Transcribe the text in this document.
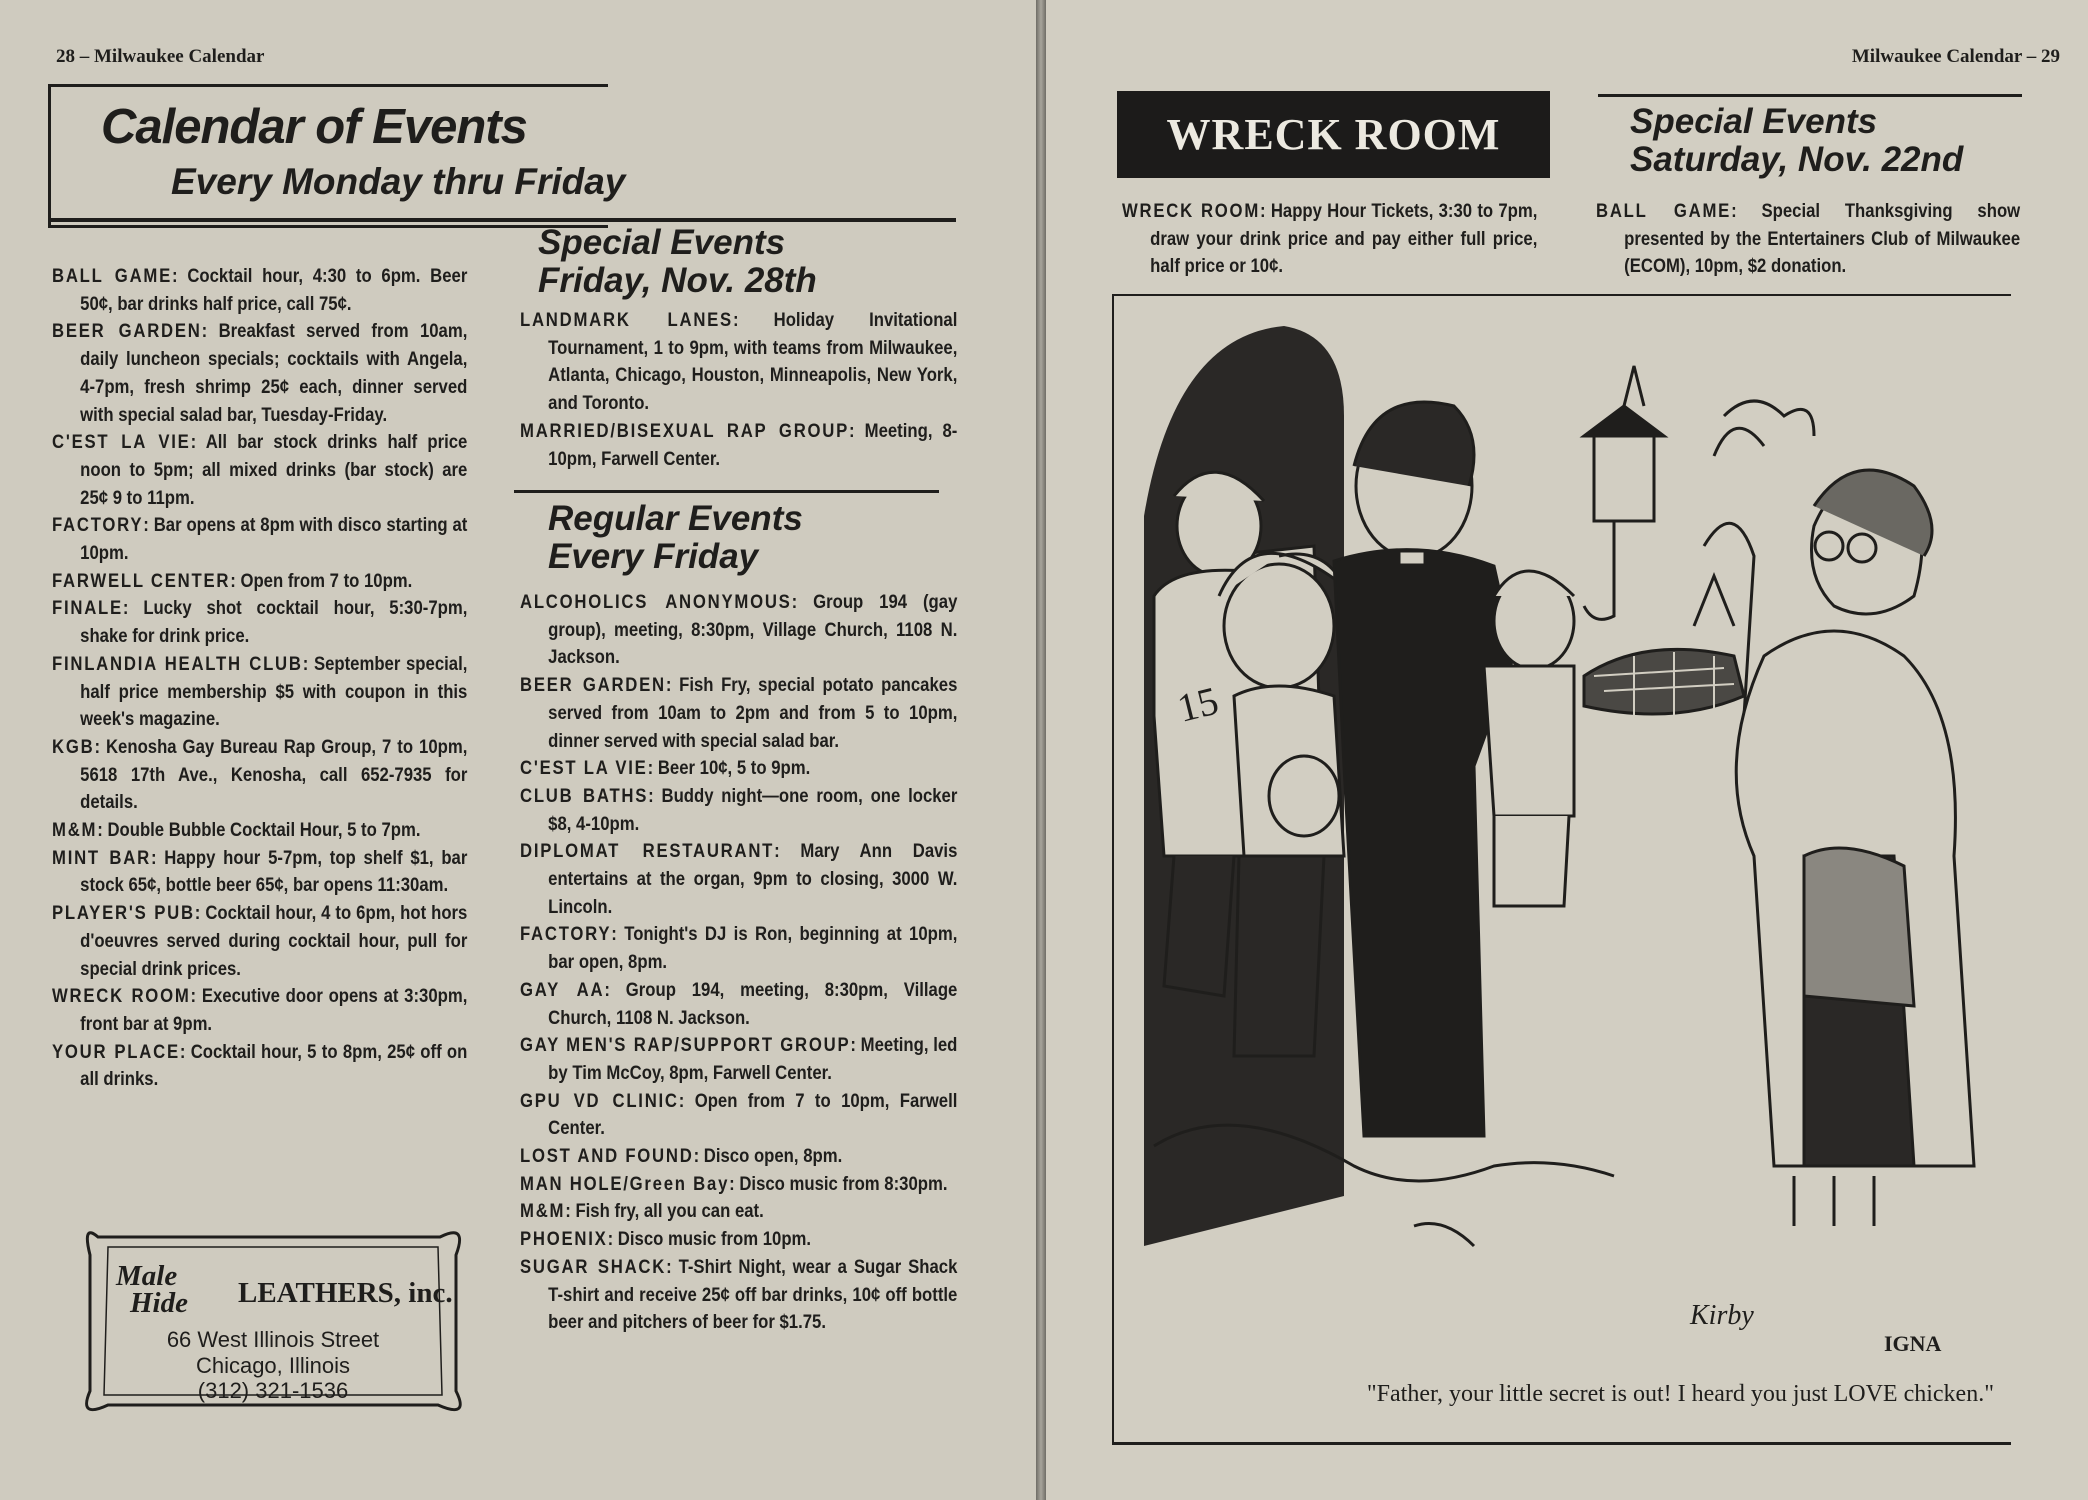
28 – Milwaukee Calendar
Calendar of Events
Every Monday thru Friday

BALL GAME: Cocktail hour, 4:30 to 6pm. Beer 50¢, bar drinks half price, call 75¢.

BEER GARDEN: Breakfast served from 10am, daily luncheon specials; cocktails with Angela, 4-7pm, fresh shrimp 25¢ each, dinner served with special salad bar, Tuesday-Friday.

C'EST LA VIE: All bar stock drinks half price noon to 5pm; all mixed drinks (bar stock) are 25¢ 9 to 11pm.

FACTORY: Bar opens at 8pm with disco starting at 10pm.

FARWELL CENTER: Open from 7 to 10pm.

FINALE: Lucky shot cocktail hour, 5:30-7pm, shake for drink price.

FINLANDIA HEALTH CLUB: September special, half price membership $5 with coupon in this week's magazine.

KGB: Kenosha Gay Bureau Rap Group, 7 to 10pm, 5618 17th Ave., Kenosha, call 652-7935 for details.

M&M: Double Bubble Cocktail Hour, 5 to 7pm.

MINT BAR: Happy hour 5-7pm, top shelf $1, bar stock 65¢, bottle beer 65¢, bar opens 11:30am.

PLAYER'S PUB: Cocktail hour, 4 to 6pm, hot hors d'oeuvres served during cocktail hour, pull for special drink prices.

WRECK ROOM: Executive door opens at 3:30pm, front bar at 9pm.

YOUR PLACE: Cocktail hour, 5 to 8pm, 25¢ off on all drinks.

Special Events
Friday, Nov. 28th

LANDMARK LANES: Holiday Invitational Tournament, 1 to 9pm, with teams from Milwaukee, Atlanta, Chicago, Houston, Minneapolis, New York, and Toronto.

MARRIED/BISEXUAL RAP GROUP: Meeting, 8-10pm, Farwell Center.

Regular Events
Every Friday

ALCOHOLICS ANONYMOUS: Group 194 (gay group), meeting, 8:30pm, Village Church, 1108 N. Jackson.

BEER GARDEN: Fish Fry, special potato pancakes served from 10am to 2pm and from 5 to 10pm, dinner served with special salad bar.

C'EST LA VIE: Beer 10¢, 5 to 9pm.

CLUB BATHS: Buddy night—one room, one locker $8, 4-10pm.

DIPLOMAT RESTAURANT: Mary Ann Davis entertains at the organ, 9pm to closing, 3000 W. Lincoln.

FACTORY: Tonight's DJ is Ron, beginning at 10pm, bar open, 8pm.

GAY AA: Group 194, meeting, 8:30pm, Village Church, 1108 N. Jackson.

GAY MEN'S RAP/SUPPORT GROUP: Meeting, led by Tim McCoy, 8pm, Farwell Center.

GPU VD CLINIC: Open from 7 to 10pm, Farwell Center.

LOST AND FOUND: Disco open, 8pm.

MAN HOLE/Green Bay: Disco music from 8:30pm.

M&M: Fish fry, all you can eat.

PHOENIX: Disco music from 10pm.

SUGAR SHACK: T-Shirt Night, wear a Sugar Shack T-shirt and receive 25¢ off bar drinks, 10¢ off bottle beer and pitchers of beer for $1.75.

Male
Hide LEATHERS, inc.
66 West Illinois Street
Chicago, Illinois
(312) 321-1536
Milwaukee Calendar – 29
WRECK ROOM	Special Events
Saturday, Nov. 22nd

WRECK ROOM: Happy Hour Tickets, 3:30 to 7pm, draw your drink price and pay either full price, half price or 10¢.

BALL GAME: Special Thanksgiving show presented by the Entertainers Club of Milwaukee (ECOM), 10pm, $2 donation.

15
Kirby
IGNA
"Father, your little secret is out! I heard you just LOVE chicken."
